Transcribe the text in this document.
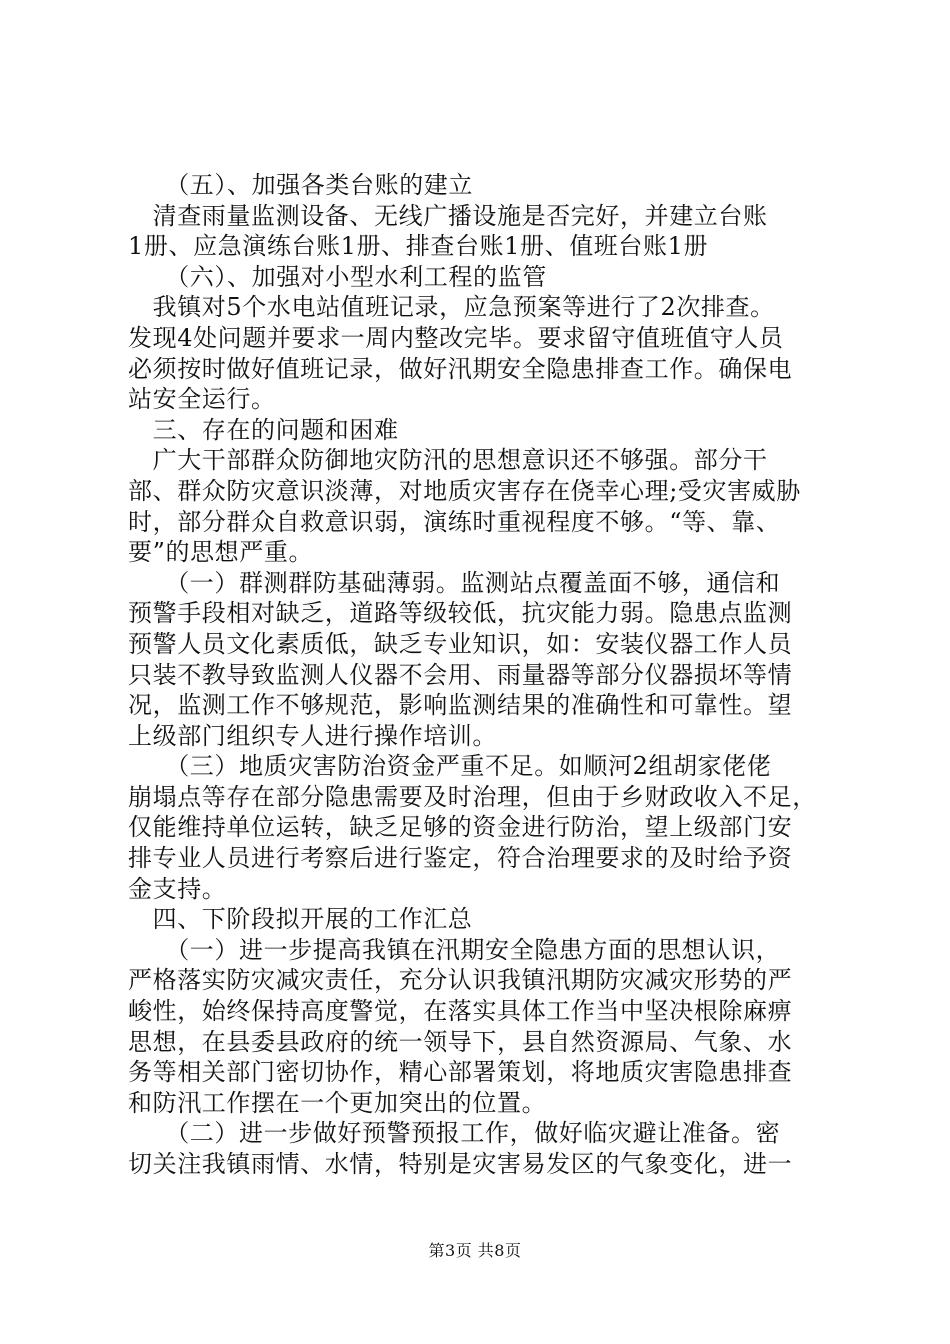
　　（五）、加强各类台账的建立
　清查雨量监测设备、无线广播设施是否完好，并建立台账
1册、应急演练台账1册、排查台账1册、值班台账1册
　　（六）、加强对小型水利工程的监管
　我镇对5个水电站值班记录，应急预案等进行了2次排查。
发现4处问题并要求一周内整改完毕。要求留守值班值守人员
必须按时做好值班记录，做好汛期安全隐患排查工作。确保电
站安全运行。
　三、存在的问题和困难
　广大干部群众防御地灾防汛的思想意识还不够强。部分干
部、群众防灾意识淡薄，对地质灾害存在侥幸心理;受灾害威胁
时，部分群众自救意识弱，演练时重视程度不够。“等、靠、
要”的思想严重。
　　（一）群测群防基础薄弱。监测站点覆盖面不够，通信和
预警手段相对缺乏，道路等级较低，抗灾能力弱。隐患点监测
预警人员文化素质低，缺乏专业知识，如：安装仪器工作人员
只装不教导致监测人仪器不会用、雨量器等部分仪器损坏等情
况，监测工作不够规范，影响监测结果的准确性和可靠性。望
上级部门组织专人进行操作培训。
　　（三）地质灾害防治资金严重不足。如顺河2组胡家佬佬
崩塌点等存在部分隐患需要及时治理，但由于乡财政收入不足，
仅能维持单位运转，缺乏足够的资金进行防治，望上级部门安
排专业人员进行考察后进行鉴定，符合治理要求的及时给予资
金支持。
　四、下阶段拟开展的工作汇总
　　（一）进一步提高我镇在汛期安全隐患方面的思想认识，
严格落实防灾减灾责任，充分认识我镇汛期防灾减灾形势的严
峻性，始终保持高度警觉，在落实具体工作当中坚决根除麻痹
思想，在县委县政府的统一领导下，县自然资源局、气象、水
务等相关部门密切协作，精心部署策划，将地质灾害隐患排查
和防汛工作摆在一个更加突出的位置。
　　（二）进一步做好预警预报工作，做好临灾避让准备。密
切关注我镇雨情、水情，特别是灾害易发区的气象变化，进一
第3页 共8页
